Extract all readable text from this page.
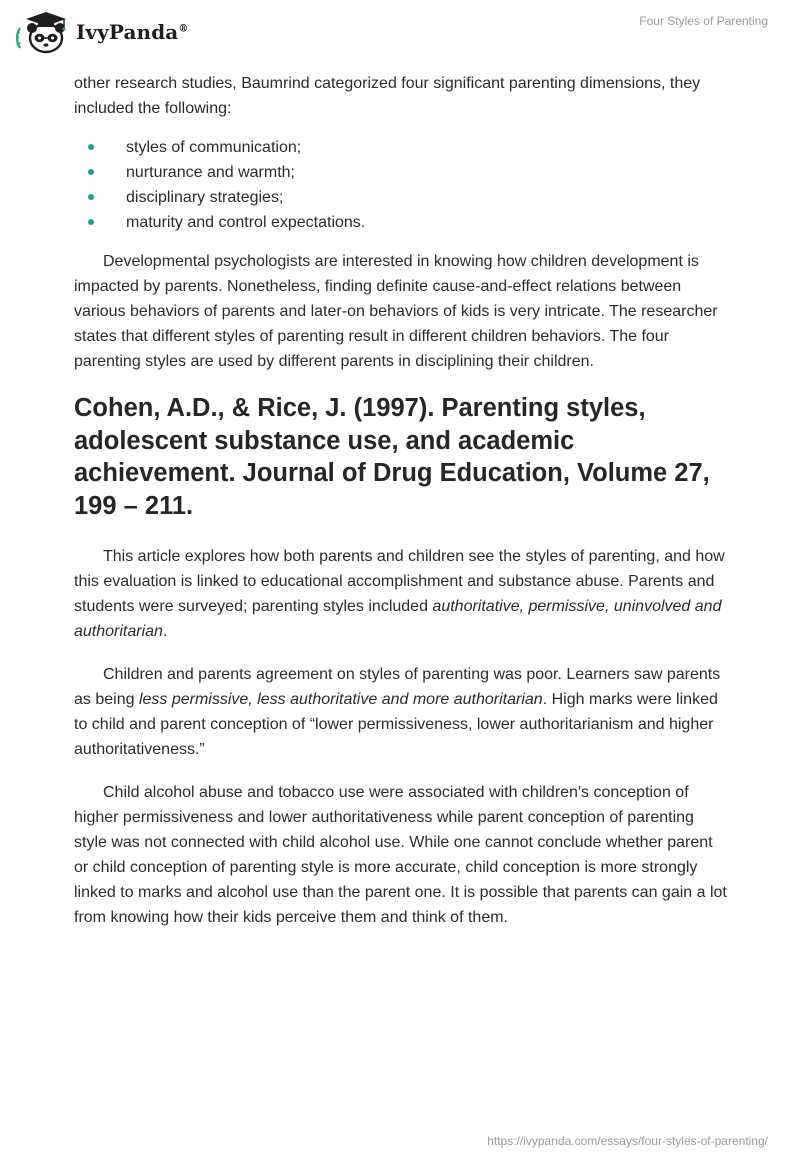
IvyPanda®
Four Styles of Parenting

other research studies, Baumrind categorized four significant parenting dimensions, they included the following:

styles of communication;
nurturance and warmth;
disciplinary strategies;
maturity and control expectations.

Developmental psychologists are interested in knowing how children development is impacted by parents. Nonetheless, finding definite cause-and-effect relations between various behaviors of parents and later-on behaviors of kids is very intricate. The researcher states that different styles of parenting result in different children behaviors. The four parenting styles are used by different parents in disciplining their children.

Cohen, A.D., & Rice, J. (1997). Parenting styles, adolescent substance use, and academic achievement. Journal of Drug Education, Volume 27, 199 – 211.

This article explores how both parents and children see the styles of parenting, and how this evaluation is linked to educational accomplishment and substance abuse. Parents and students were surveyed; parenting styles included authoritative, permissive, uninvolved and authoritarian.

Children and parents agreement on styles of parenting was poor. Learners saw parents as being less permissive, less authoritative and more authoritarian. High marks were linked to child and parent conception of “lower permissiveness, lower authoritarianism and higher authoritativeness.”

Child alcohol abuse and tobacco use were associated with children's conception of higher permissiveness and lower authoritativeness while parent conception of parenting style was not connected with child alcohol use. While one cannot conclude whether parent or child conception of parenting style is more accurate, child conception is more strongly linked to marks and alcohol use than the parent one. It is possible that parents can gain a lot from knowing how their kids perceive them and think of them.

https://ivypanda.com/essays/four-styles-of-parenting/
